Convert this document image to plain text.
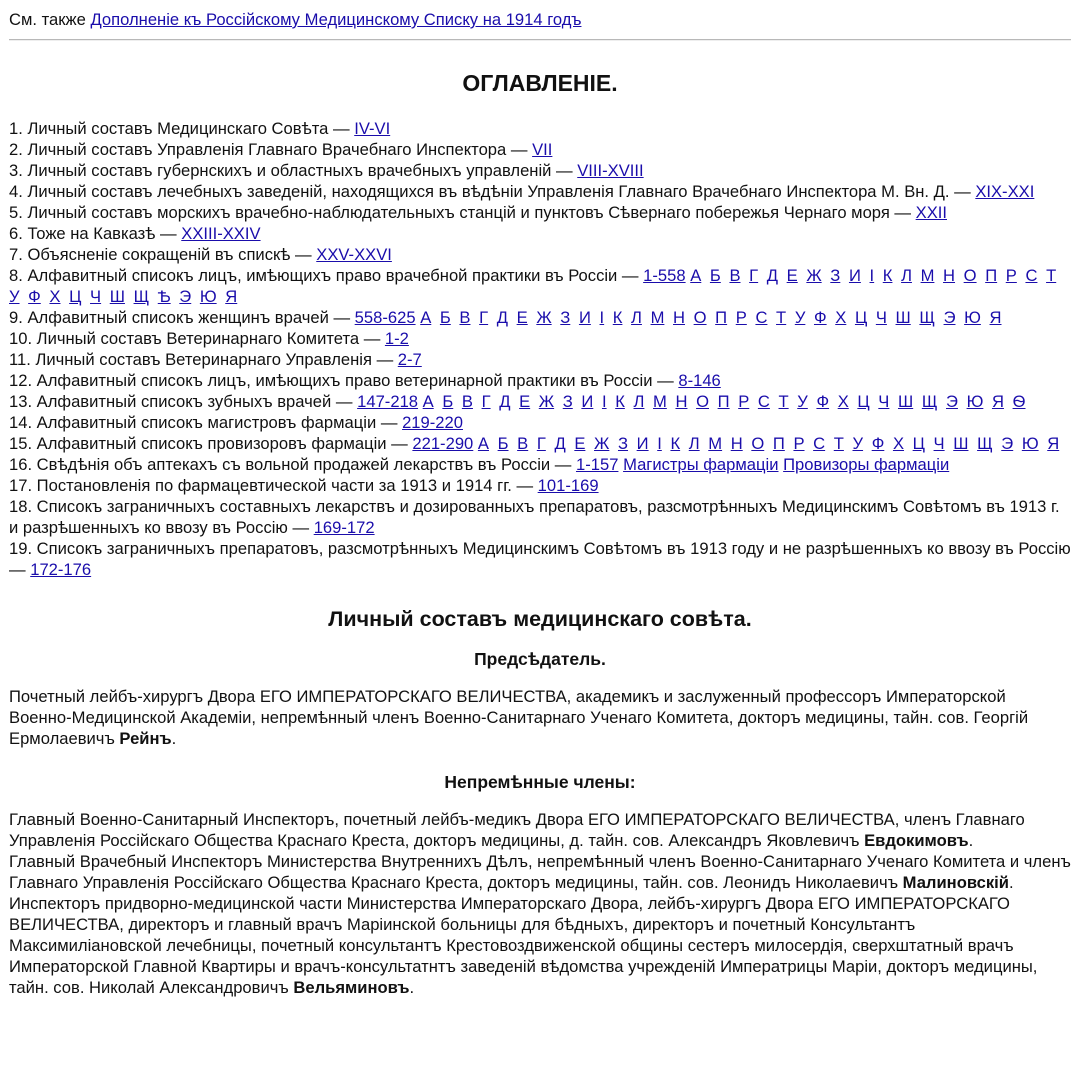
См. также Дополненіе къ Россійскому Медицинскому Списку на 1914 годъ

ОГЛАВЛЕНІЕ.
1. Личный составъ Медицинскаго Совѣта — IV-VI
2. Личный составъ Управленія Главнаго Врачебнаго Инспектора — VII
3. Личный составъ губернскихъ и областныхъ врачебныхъ управленій — VIII-XVIII
4. Личный составъ лечебныхъ заведеній, находящихся въ вѣдѣніи Управленія Главнаго Врачебнаго Инспектора М. Вн. Д. — XIX-XXI
5. Личный составъ морскихъ врачебно-наблюдательныхъ станцій и пунктовъ Сѣвернаго побережья Чернаго моря — XXII
6. Тоже на Кавказѣ — XXIII-XXIV
7. Объясненіе сокращеній въ спискѣ — XXV-XXVI
8. Алфавитный списокъ лицъ, имѣющихъ право врачебной практики въ Россіи — 1-558 А Б В Г Д Е Ж З И І К Л М Н О П Р С Т У Ф Х Ц Ч Ш Щ Ѣ Э Ю Я
9. Алфавитный списокъ женщинъ врачей — 558-625 А Б В Г Д Е Ж З И І К Л М Н О П Р С Т У Ф Х Ц Ч Ш Щ Э Ю Я
10. Личный составъ Ветеринарнаго Комитета — 1-2
11. Личный составъ Ветеринарнаго Управленія — 2-7
12. Алфавитный списокъ лицъ, имѣющихъ право ветеринарной практики въ Россіи — 8-146
13. Алфавитный списокъ зубныхъ врачей — 147-218 А Б В Г Д Е Ж З И І К Л М Н О П Р С Т У Ф Х Ц Ч Ш Щ Э Ю Я Ѳ
14. Алфавитный списокъ магистровъ фармаціи — 219-220
15. Алфавитный списокъ провизоровъ фармаціи — 221-290 А Б В Г Д Е Ж З И І К Л М Н О П Р С Т У Ф Х Ц Ч Ш Щ Э Ю Я
16. Свѣдѣнія объ аптекахъ съ вольной продажей лекарствъ въ Россіи — 1-157 Магистры фармаціи Провизоры фармаціи
17. Постановленія по фармацевтической части за 1913 и 1914 гг. — 101-169
18. Списокъ заграничныхъ составныхъ лекарствъ и дозированныхъ препаратовъ, разсмотрѣнныхъ Медицинскимъ Совѣтомъ въ 1913 г. и разрѣшенныхъ ко ввозу въ Россію — 169-172
19. Списокъ заграничныхъ препаратовъ, разсмотрѣнныхъ Медицинскимъ Совѣтомъ въ 1913 году и не разрѣшенныхъ ко ввозу въ Россію — 172-176
Личный составъ медицинскаго совѣта.
Предсѣдатель.

Почетный лейбъ-хирургъ Двора ЕГО ИМПЕРАТОРСКАГО ВЕЛИЧЕСТВА, академикъ и заслуженный профессоръ Императорской Военно-Медицинской Академіи, непремѣнный членъ Военно-Санитарнаго Ученаго Комитета, докторъ медицины, тайн. сов. Георгій Ермолаевичъ Рейнъ.

Непремѣнные члены:

Главный Военно-Санитарный Инспекторъ, почетный лейбъ-медикъ Двора ЕГО ИМПЕРАТОРСКАГО ВЕЛИЧЕСТВА, членъ Главнаго Управленія Россійскаго Общества Краснаго Креста, докторъ медицины, д. тайн. сов. Александръ Яковлевичъ Евдокимовъ.

Главный Врачебный Инспекторъ Министерства Внутреннихъ Дѣлъ, непремѣнный членъ Военно-Санитарнаго Ученаго Комитета и членъ Главнаго Управленія Россійскаго Общества Краснаго Креста, докторъ медицины, тайн. сов. Леонидъ Николаевичъ Малиновскій.

Инспекторъ придворно-медицинской части Министерства Императорскаго Двора, лейбъ-хирургъ Двора ЕГО ИМПЕРАТОРСКАГО ВЕЛИЧЕСТВА, директоръ и главный врачъ Маріинской больницы для бѣдныхъ, директоръ и почетный Консультантъ Максимиліановской лечебницы, почетный консультантъ Крестовоздвиженской общины сестеръ милосердія, сверхштатный врачъ Императорской Главной Квартиры и врачъ-консультатнтъ заведеній вѣдомства учрежденій Императрицы Маріи, докторъ медицины, тайн. сов. Николай Александровичъ Вельяминовъ.
